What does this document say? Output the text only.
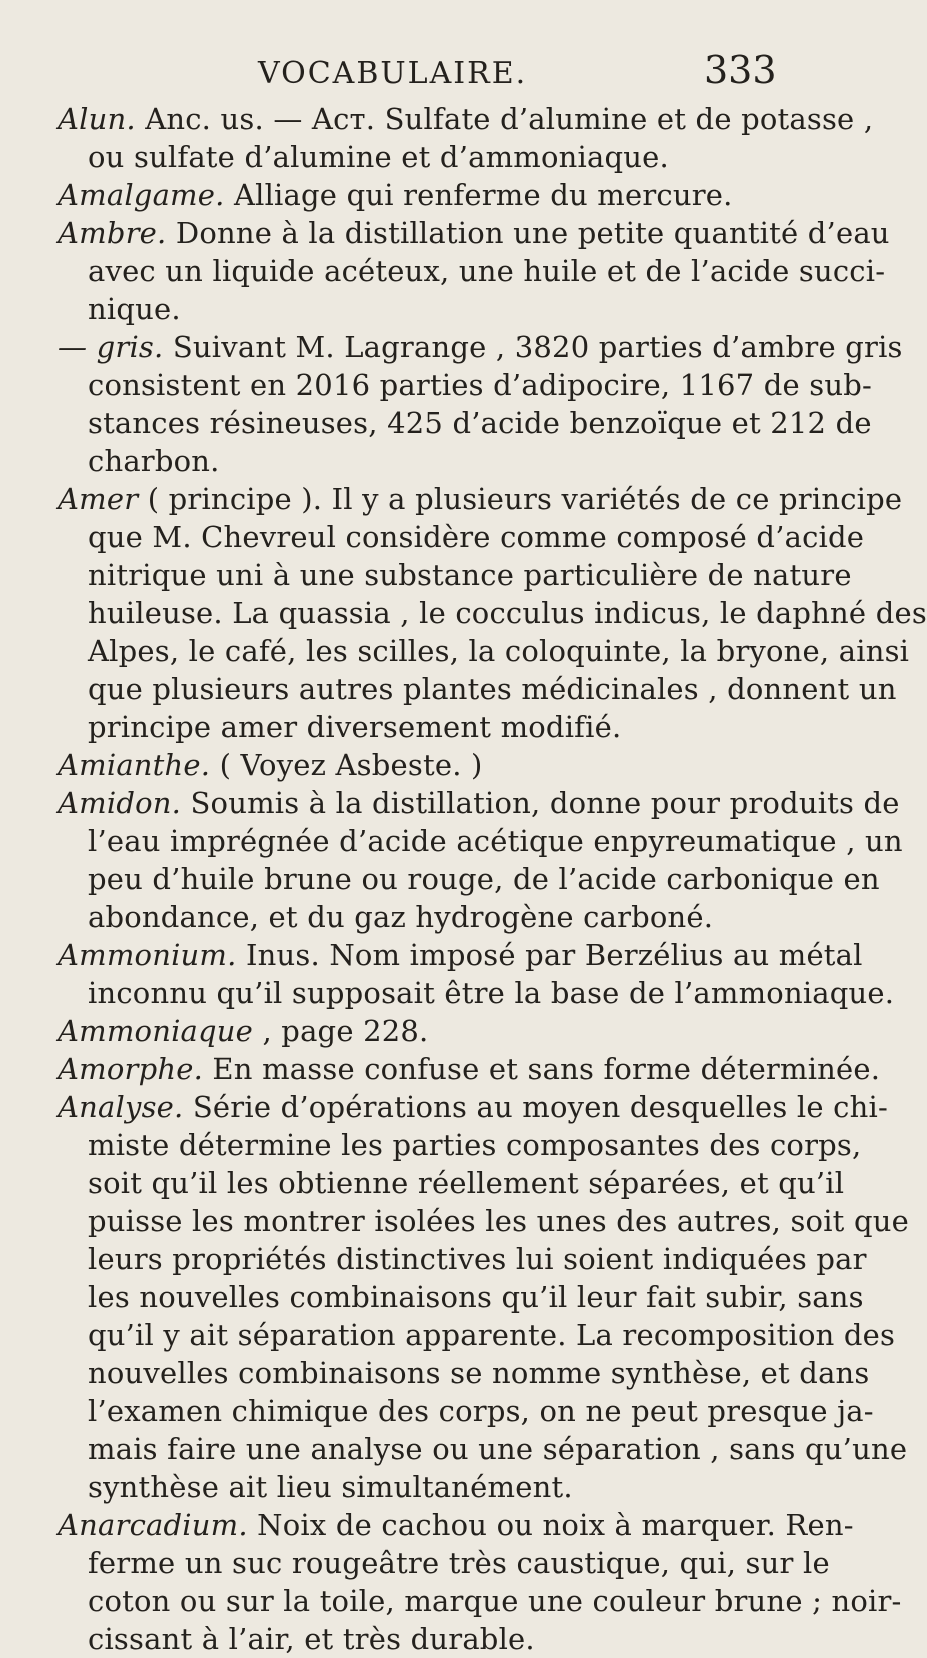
VOCABULAIRE.	333
Alun. Anc. us. — Acт. Sulfate d’alumine et de potasse ,
ou sulfate d’alumine et d’ammoniaque.
Amalgame. Alliage qui renferme du mercure.
Ambre. Donne à la distillation une petite quantité d’eau
avec un liquide acéteux, une huile et de l’acide succi-
nique.
— gris. Suivant M. Lagrange , 3820 parties d’ambre gris
consistent en 2016 parties d’adipocire, 1167 de sub-
stances résineuses, 425 d’acide benzoïque et 212 de
charbon.
Amer ( principe ). Il y a plusieurs variétés de ce principe
que M. Chevreul considère comme composé d’acide
nitrique uni à une substance particulière de nature
huileuse. La quassia , le cocculus indicus, le daphné des
Alpes, le café, les scilles, la coloquinte, la bryone, ainsi
que plusieurs autres plantes médicinales , donnent un
principe amer diversement modifié.
Amianthe. ( Voyez Asbeste. )
Amidon. Soumis à la distillation, donne pour produits de
l’eau imprégnée d’acide acétique enpyreumatique , un
peu d’huile brune ou rouge, de l’acide carbonique en
abondance, et du gaz hydrogène carboné.
Ammonium. Inus. Nom imposé par Berzélius au métal
inconnu qu’il supposait être la base de l’ammoniaque.
Ammoniaque , page 228.
Amorphe. En masse confuse et sans forme déterminée.
Analyse. Série d’opérations au moyen desquelles le chi-
miste détermine les parties composantes des corps,
soit qu’il les obtienne réellement séparées, et qu’il
puisse les montrer isolées les unes des autres, soit que
leurs propriétés distinctives lui soient indiquées par
les nouvelles combinaisons qu’il leur fait subir, sans
qu’il y ait séparation apparente. La recomposition des
nouvelles combinaisons se nomme synthèse, et dans
l’examen chimique des corps, on ne peut presque ja-
mais faire une analyse ou une séparation , sans qu’une
synthèse ait lieu simultanément.
Anarcadium. Noix de cachou ou noix à marquer. Ren-
ferme un suc rougeâtre très caustique, qui, sur le
coton ou sur la toile, marque une couleur brune ; noir-
cissant à l’air, et très durable.
